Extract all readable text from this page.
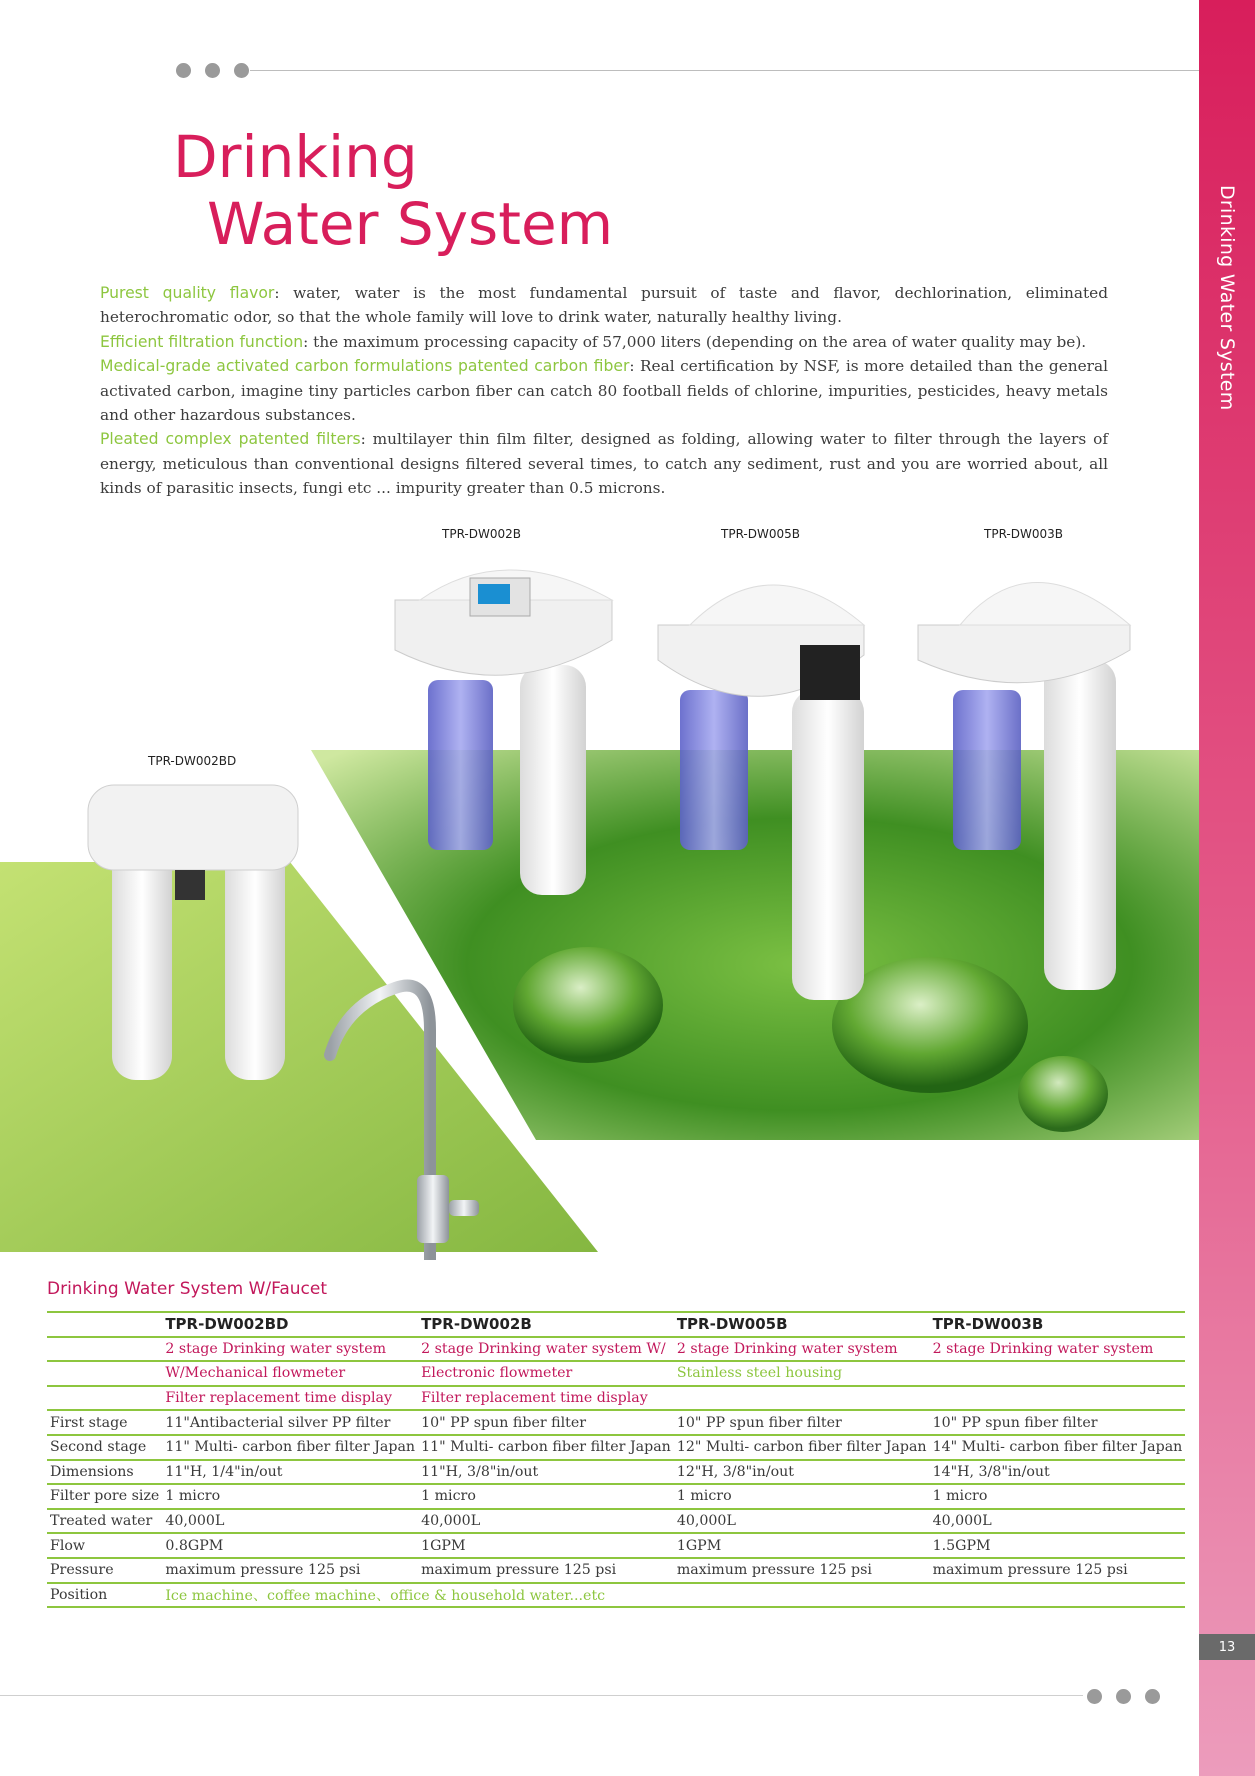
Drinking Water System
13
TPR-DW002B	TPR-DW005B	TPR-DW003B
TPR-DW002BD
Drinking
Water System

Purest quality flavor: water, water is the most fundamental pursuit of taste and flavor, dechlorination, eliminated heterochromatic odor, so that the whole family will love to drink water, naturally healthy living.

Efficient filtration function: the maximum processing capacity of 57,000 liters (depending on the area of water quality may be).

Medical-grade activated carbon formulations patented carbon fiber: Real certification by NSF, is more detailed than the general activated carbon, imagine tiny particles carbon fiber can catch 80 football fields of chlorine, impurities, pesticides, heavy metals and other hazardous substances.

Pleated complex patented filters: multilayer thin film filter, designed as folding, allowing water to filter through the layers of energy, meticulous than conventional designs filtered several times, to catch any sediment, rust and you are worried about, all kinds of parasitic insects, fungi etc ... impurity greater than 0.5 microns.

Drinking Water System W/Faucet
	TPR-DW002BD	TPR-DW002B	TPR-DW005B	TPR-DW003B
	2 stage Drinking water system	2 stage Drinking water system W/	2 stage Drinking water system	2 stage Drinking water system
	W/Mechanical flowmeter	Electronic flowmeter	Stainless steel housing	
	Filter replacement time display	Filter replacement time display		
First stage	11"Antibacterial silver PP filter	10" PP spun fiber filter	10" PP spun fiber filter	10" PP spun fiber filter
Second stage	11" Multi- carbon fiber filter Japan	11" Multi- carbon fiber filter Japan	12" Multi- carbon fiber filter Japan	14" Multi- carbon fiber filter Japan
Dimensions	11"H, 1/4"in/out	11"H, 3/8"in/out	12"H, 3/8"in/out	14"H, 3/8"in/out
Filter pore size	1 micro	1 micro	1 micro	1 micro
Treated water	40,000L	40,000L	40,000L	40,000L
Flow	0.8GPM	1GPM	1GPM	1.5GPM
Pressure	maximum pressure 125 psi	maximum pressure 125 psi	maximum pressure 125 psi	maximum pressure 125 psi
Position	Ice machine、coffee machine、office & household water...etc			
